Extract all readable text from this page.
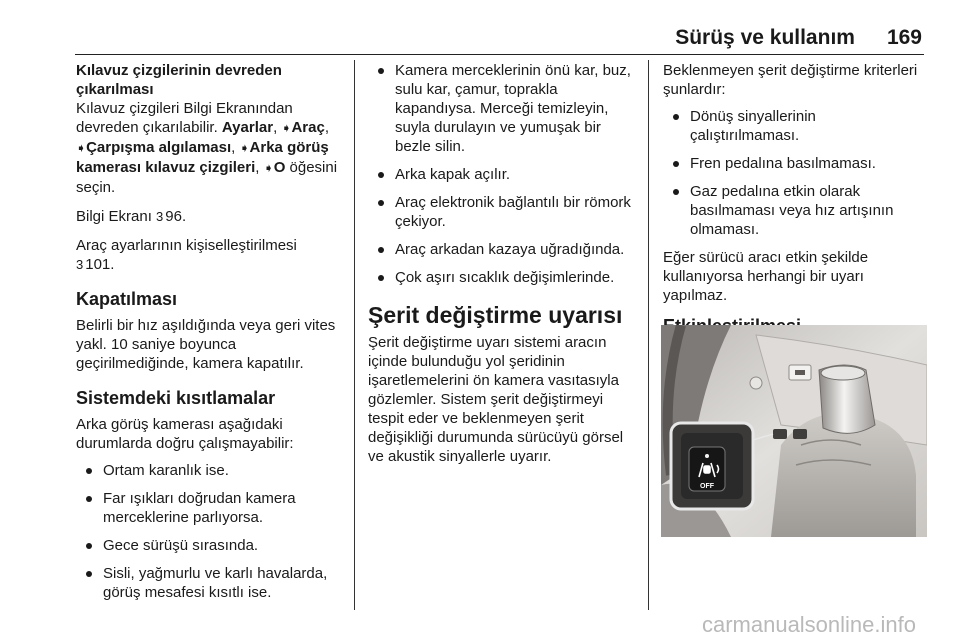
Sürüş ve kullanım 169

Kılavuz çizgilerinin devreden çıkarılması

Kılavuz çizgileri Bilgi Ekranından devreden çıkarılabilir. Ayarlar, ➧Araç, ➧Çarpışma algılaması, ➧Arka görüş kamerası kılavuz çizgileri, ➧O öğesini seçin.

Bilgi Ekranı 3 96.

Araç ayarlarının kişiselleştirilmesi
3 101.

Kapatılması

Belirli bir hız aşıldığında veya geri vites yakl. 10 saniye boyunca geçirilmediğinde, kamera kapatılır.

Sistemdeki kısıtlamalar

Arka görüş kamerası aşağıdaki durumlarda doğru çalışmayabilir:

Ortam karanlık ise.
Far ışıkları doğrudan kamera merceklerine parlıyorsa.
Gece sürüşü sırasında.
Sisli, yağmurlu ve karlı havalarda, görüş mesafesi kısıtlı ise.
Kamera merceklerinin önü kar, buz, sulu kar, çamur, toprakla kapandıysa. Merceği temizleyin, suyla durulayın ve yumuşak bir bezle silin.
Arka kapak açılır.
Araç elektronik bağlantılı bir römork çekiyor.
Araç arkadan kazaya uğradığında.
Çok aşırı sıcaklık değişimlerinde.
Şerit değiştirme uyarısı

Şerit değiştirme uyarı sistemi aracın içinde bulunduğu yol şeridinin işaretlemelerini ön kamera vasıtasıyla gözlemler. Sistem şerit değiştirmeyi tespit eder ve beklenmeyen şerit değişikliği durumunda sürücüyü görsel ve akustik sinyallerle uyarır.

Beklenmeyen şerit değiştirme kriterleri şunlardır:

Dönüş sinyallerinin çalıştırılmaması.
Fren pedalına basılmaması.
Gaz pedalına etkin olarak basılmaması veya hız artışının olmaması.

Eğer sürücü aracı etkin şekilde kullanıyorsa herhangi bir uyarı yapılmaz.

OFF
carmanualsonline.info
